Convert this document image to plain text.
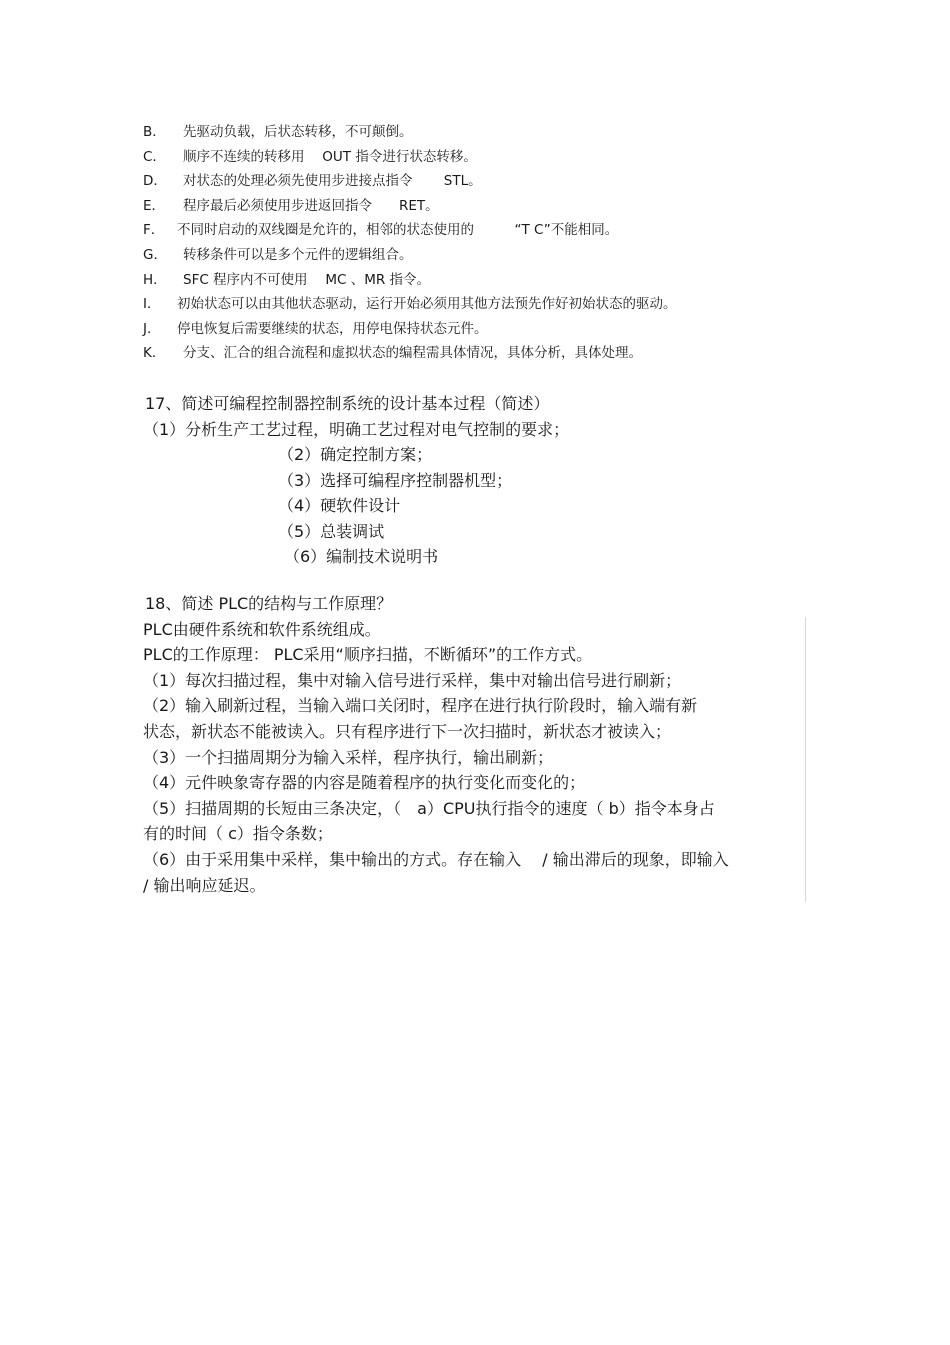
B．	先驱动负载，后状态转移，不可颠倒。
C．	顺序不连续的转移用　 OUT 指令进行状态转移。
D．	对状态的处理必须先使用步进接点指令　　 STL。
E．	程序最后必须使用步进返回指令　　RET。
F． 不同时启动的双线圈是允许的，相邻的状态使用的　　　“T C”不能相同。
G．	转移条件可以是多个元件的逻辑组合。
H．	SFC 程序内不可使用　 MC 、MR 指令。
I．	初始状态可以由其他状态驱动，运行开始必须用其他方法预先作好初始状态的驱动。
J．	停电恢复后需要继续的状态，用停电保持状态元件。
K．	分支、汇合的组合流程和虚拟状态的编程需具体情况，具体分析，具体处理。
17、简述可编程控制器控制系统的设计基本过程（简述）
（1）分析生产工艺过程，明确工艺过程对电气控制的要求；
（2）确定控制方案；
（3）选择可编程序控制器机型；
（4）硬软件设计
（5）总装调试
（6）编制技术说明书
18、简述 PLC的结构与工作原理？
PLC由硬件系统和软件系统组成。
PLC的工作原理： PLC采用“顺序扫描，不断循环”的工作方式。
（1）每次扫描过程，集中对输入信号进行采样，集中对输出信号进行刷新；
（2）输入刷新过程，当输入端口关闭时，程序在进行执行阶段时，输入端有新
状态，新状态不能被读入。只有程序进行下一次扫描时，新状态才被读入；
（3）一个扫描周期分为输入采样，程序执行，输出刷新；
（4）元件映象寄存器的内容是随着程序的执行变化而变化的；
（5）扫描周期的长短由三条决定，（　a）CPU执行指令的速度（ b）指令本身占
有的时间（ c）指令条数；
（6）由于采用集中采样，集中输出的方式。存在输入　 / 输出滞后的现象，即输入
/ 输出响应延迟。
